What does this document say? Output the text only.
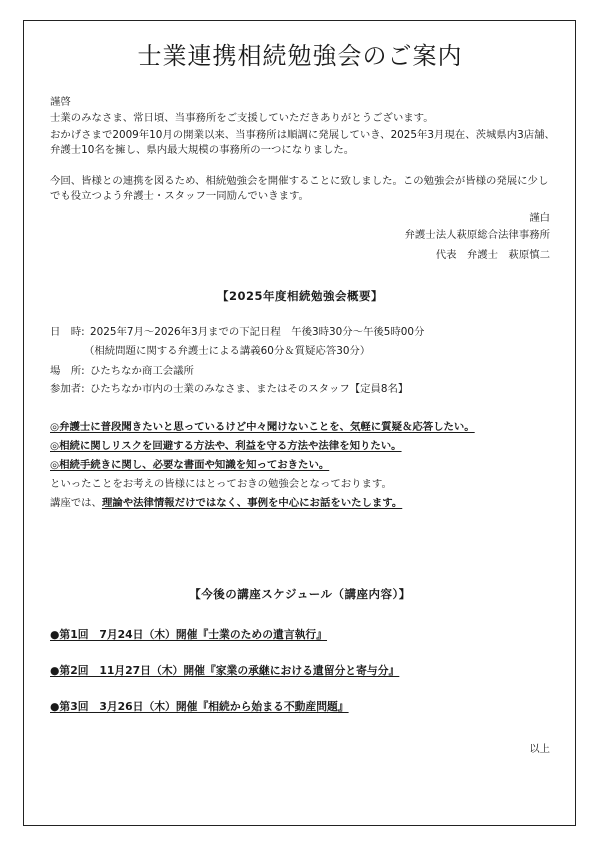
士業連携相続勉強会のご案内
謹啓
士業のみなさま、常日頃、当事務所をご支援していただきありがとうございます。
おかげさまで2009年10月の開業以来、当事務所は順調に発展していき、2025年3月現在、茨城県内3店舗、弁護士10名を擁し、県内最大規模の事務所の一つになりました。
今回、皆様との連携を図るため、相続勉強会を開催することに致しました。この勉強会が皆様の発展に少しでも役立つよう弁護士・スタッフ一同励んでいきます。
謹白
弁護士法人萩原総合法律事務所
代表　弁護士　萩原慎二
【2025年度相続勉強会概要】
日　時: 2025年7月～2026年3月までの下記日程　午後3時30分～午後5時00分
（相続問題に関する弁護士による講義60分＆質疑応答30分）
場　所: ひたちなか商工会議所
参加者: ひたちなか市内の士業のみなさま、またはそのスタッフ【定員8名】
◎弁護士に普段聞きたいと思っているけど中々聞けないことを、気軽に質疑＆応答したい。
◎相続に関しリスクを回避する方法や、利益を守る方法や法律を知りたい。
◎相続手続きに関し、必要な書面や知識を知っておきたい。
といったことをお考えの皆様にはとっておきの勉強会となっております。
講座では、理論や法律情報だけではなく、事例を中心にお話をいたします。
【今後の講座スケジュール（講座内容）】
●第1回　7月24日（木）開催『士業のための遺言執行』
●第2回　11月27日（木）開催『家業の承継における遺留分と寄与分』
●第3回　3月26日（木）開催『相続から始まる不動産問題』
以上
